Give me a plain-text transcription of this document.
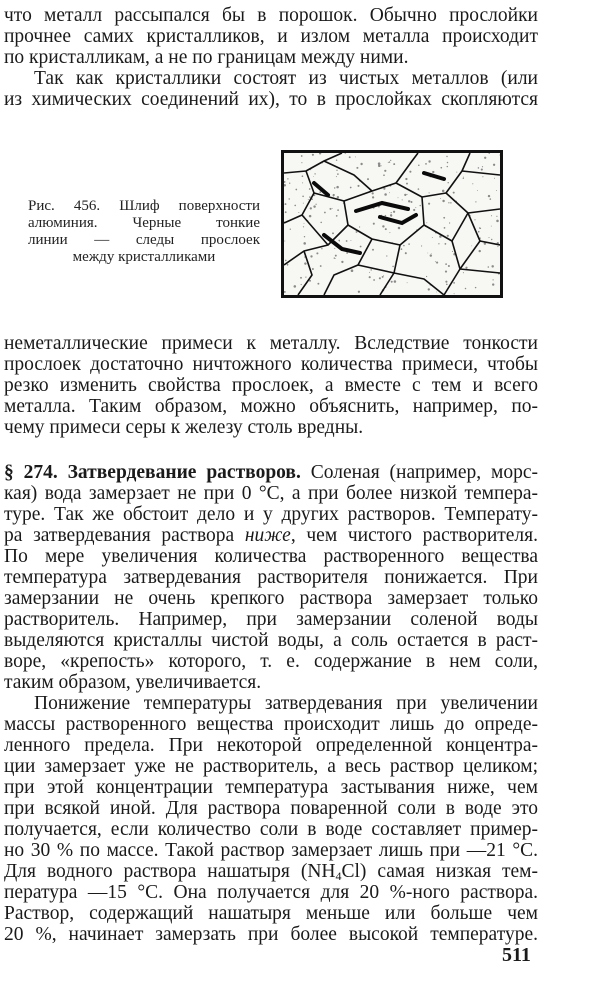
что металл рассыпался бы в порошок. Обычно прослойки
прочнее самих кристалликов, и излом металла происходит
по кристалликам, а не по границам между ними.
Так как кристаллики состоят из чистых металлов (или
из химических соединений их), то в прослойках скопляются
Рис. 456. Шлиф поверхности
алюминия. Черные тонкие
линии — следы прослоек
между кристалликами
неметаллические примеси к металлу. Вследствие тонкости
прослоек достаточно ничтожного количества примеси, чтобы
резко изменить свойства прослоек, а вместе с тем и всего
металла. Таким образом, можно объяснить, например, по-
чему примеси серы к железу столь вредны.
§ 274. Затвердевание растворов. Соленая (например, морс-
кая) вода замерзает не при 0 °С, а при более низкой темпера-
туре. Так же обстоит дело и у других растворов. Температу-
ра затвердевания раствора ниже, чем чистого растворителя.
По мере увеличения количества растворенного вещества
температура затвердевания растворителя понижается. При
замерзании не очень крепкого раствора замерзает только
растворитель. Например, при замерзании соленой воды
выделяются кристаллы чистой воды, а соль остается в раст-
воре, «крепость» которого, т. е. содержание в нем соли,
таким образом, увеличивается.
Понижение температуры затвердевания при увеличении
массы растворенного вещества происходит лишь до опреде-
ленного предела. При некоторой определенной концентра-
ции замерзает уже не растворитель, а весь раствор целиком;
при этой концентрации температура застывания ниже, чем
при всякой иной. Для раствора поваренной соли в воде это
получается, если количество соли в воде составляет пример-
но 30 % по массе. Такой раствор замерзает лишь при —21 °С.
Для водного раствора нашатыря $(NH_4Cl)$ самая низкая тем-
пература —15 °С. Она получается для 20 %-ного раствора.
Раствор, содержащий нашатыря меньше или больше чем
20 %, начинает замерзать при более высокой температуре.
511
